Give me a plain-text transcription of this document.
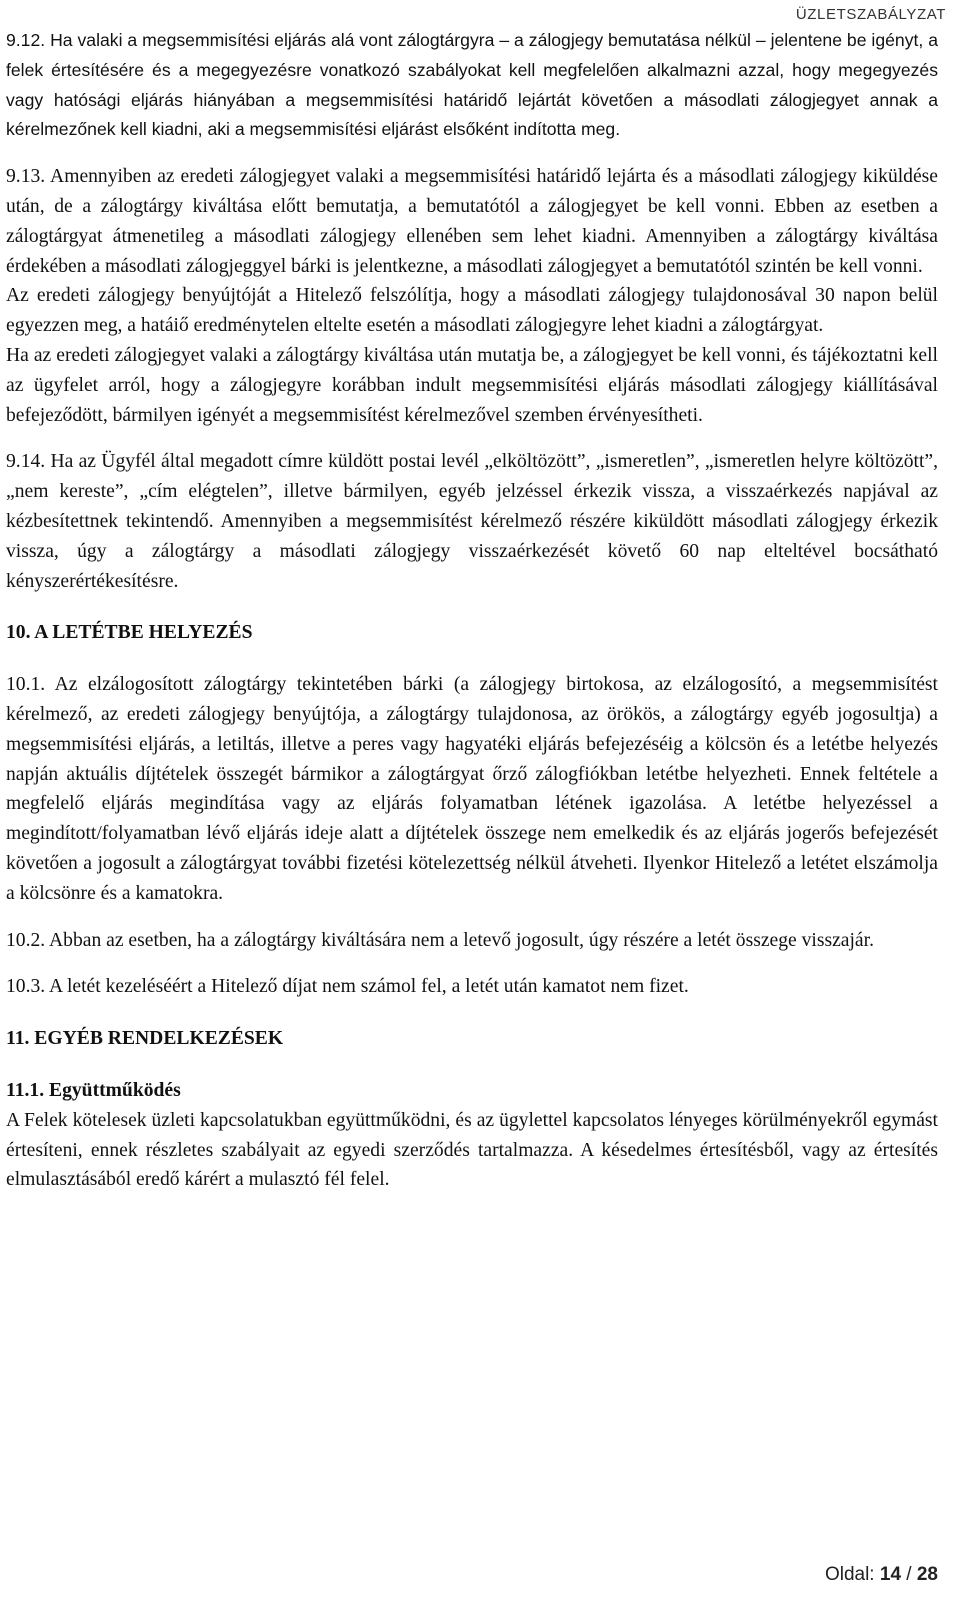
ÜZLETSZABÁLYZAT

9.12. Ha valaki a megsemmisítési eljárás alá vont zálogtárgyra – a zálogjegy bemutatása nélkül – jelentene be igényt, a felek értesítésére és a megegyezésre vonatkozó szabályokat kell megfelelően alkalmazni azzal, hogy megegyezés vagy hatósági eljárás hiányában a megsemmisítési határidő lejártát követően a másodlati zálogjegyet annak a kérelmezőnek kell kiadni, aki a megsemmisítési eljárást elsőként indította meg.

9.13. Amennyiben az eredeti zálogjegyet valaki a megsemmisítési határidő lejárta és a másodlati zálogjegy kiküldése után, de a zálogtárgy kiváltása előtt bemutatja, a bemutatótól a zálogjegyet be kell vonni. Ebben az esetben a zálogtárgyat átmenetileg a másodlati zálogjegy ellenében sem lehet kiadni. Amennyiben a zálogtárgy kiváltása érdekében a másodlati zálogjeggyel bárki is jelentkezne, a másodlati zálogjegyet a bemutatótól szintén be kell vonni.

Az eredeti zálogjegy benyújtóját a Hitelező felszólítja, hogy a másodlati zálogjegy tulajdonosával 30 napon belül egyezzen meg, a hatáiő eredménytelen eltelte esetén a másodlati zálogjegyre lehet kiadni a zálogtárgyat.

Ha az eredeti zálogjegyet valaki a zálogtárgy kiváltása után mutatja be, a zálogjegyet be kell vonni, és tájékoztatni kell az ügyfelet arról, hogy a zálogjegyre korábban indult megsemmisítési eljárás másodlati zálogjegy kiállításával befejeződött, bármilyen igényét a megsemmisítést kérelmezővel szemben érvényesítheti.

9.14. Ha az Ügyfél által megadott címre küldött postai levél „elköltözött”, „ismeretlen”, „ismeretlen helyre költözött”, „nem kereste”, „cím elégtelen”, illetve bármilyen, egyéb jelzéssel érkezik vissza, a visszaérkezés napjával az kézbesítettnek tekintendő. Amennyiben a megsemmisítést kérelmező részére kiküldött másodlati zálogjegy érkezik vissza, úgy a zálogtárgy a másodlati zálogjegy visszaérkezését követő 60 nap elteltével bocsátható kényszerértékesítésre.

10. A LETÉTBE HELYEZÉS

10.1. Az elzálogosított zálogtárgy tekintetében bárki (a zálogjegy birtokosa, az elzálogosító, a megsemmisítést kérelmező, az eredeti zálogjegy benyújtója, a zálogtárgy tulajdonosa, az örökös, a zálogtárgy egyéb jogosultja) a megsemmisítési eljárás, a letiltás, illetve a peres vagy hagyatéki eljárás befejezéséig a kölcsön és a letétbe helyezés napján aktuális díjtételek összegét bármikor a zálogtárgyat őrző zálogfiókban letétbe helyezheti. Ennek feltétele a megfelelő eljárás megindítása vagy az eljárás folyamatban létének igazolása. A letétbe helyezéssel a megindított/folyamatban lévő eljárás ideje alatt a díjtételek összege nem emelkedik és az eljárás jogerős befejezését követően a jogosult a zálogtárgyat további fizetési kötelezettség nélkül átveheti. Ilyenkor Hitelező a letétet elszámolja a kölcsönre és a kamatokra.

10.2. Abban az esetben, ha a zálogtárgy kiváltására nem a letevő jogosult, úgy részére a letét összege visszajár.

10.3. A letét kezeléséért a Hitelező díjat nem számol fel, a letét után kamatot nem fizet.

11. EGYÉB RENDELKEZÉSEK
11.1. Együttműködés

A Felek kötelesek üzleti kapcsolatukban együttműködni, és az ügylettel kapcsolatos lényeges körülményekről egymást értesíteni, ennek részletes szabályait az egyedi szerződés tartalmazza. A késedelmes értesítésből, vagy az értesítés elmulasztásából eredő kárért a mulasztó fél felel.

Oldal: 14 / 28
